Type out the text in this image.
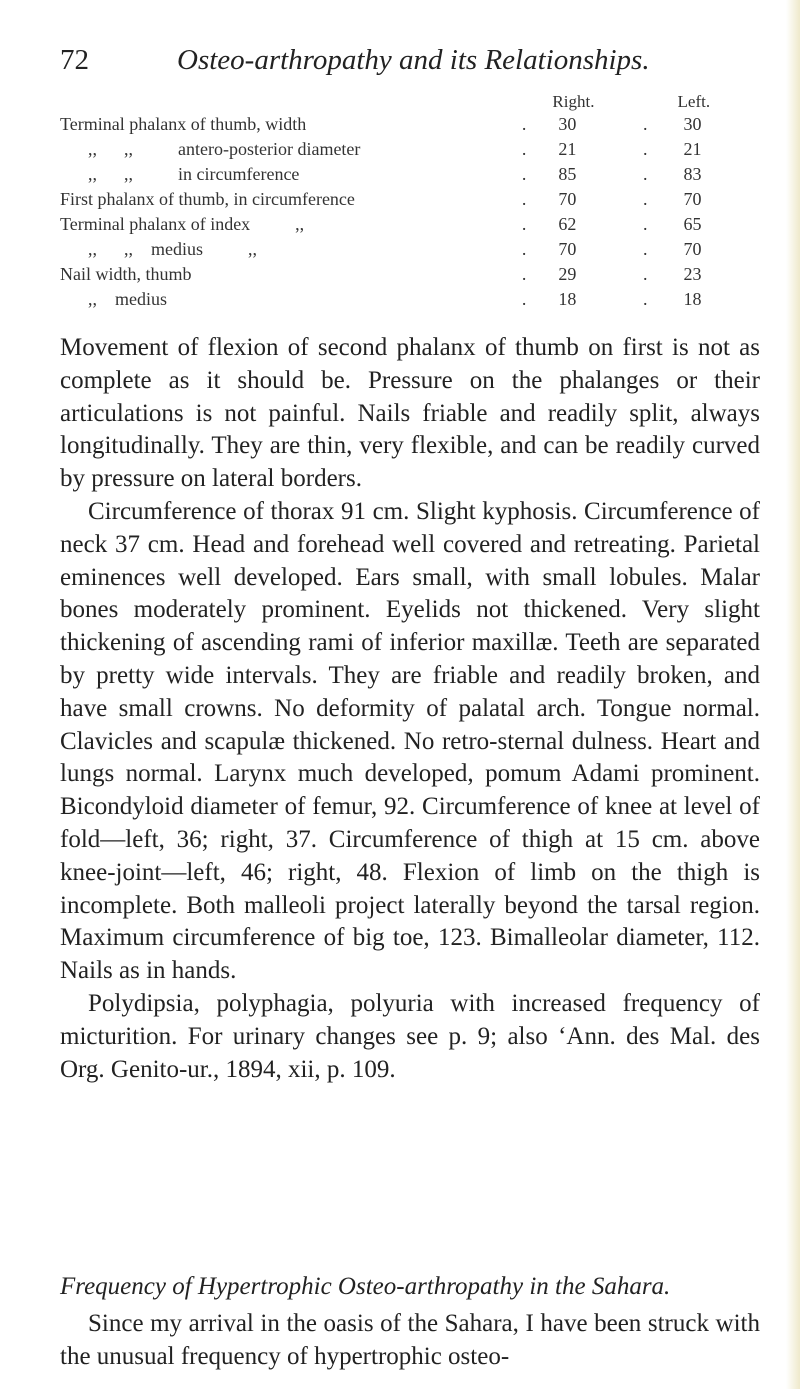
72	Osteo-arthropathy and its Relationships.
		Right.		Left.
Terminal phalanx of thumb, width	.	30	.	30
,,      ,,          antero-posterior diameter	.	21	.	21
,,      ,,          in circumference	.	85	.	83
First phalanx of thumb, in circumference	.	70	.	70
Terminal phalanx of index          ,,	.	62	.	65
,,      ,,    medius          ,,	.	70	.	70
Nail width, thumb	.	29	.	23
,,    medius	.	18	.	18

Movement of flexion of second phalanx of thumb on first is not as complete as it should be. Pressure on the phalanges or their articulations is not painful. Nails friable and readily split, always longitudinally. They are thin, very flexible, and can be readily curved by pressure on lateral borders.

Circumference of thorax 91 cm. Slight kyphosis. Circumference of neck 37 cm. Head and forehead well covered and retreating. Parietal eminences well developed. Ears small, with small lobules. Malar bones moderately prominent. Eyelids not thickened. Very slight thickening of ascending rami of inferior maxillæ. Teeth are separated by pretty wide intervals. They are friable and readily broken, and have small crowns. No deformity of palatal arch. Tongue normal. Clavicles and scapulæ thickened. No retro-sternal dulness. Heart and lungs normal. Larynx much developed, pomum Adami prominent. Bicondyloid diameter of femur, 92. Circumference of knee at level of fold—left, 36; right, 37. Circumference of thigh at 15 cm. above knee-joint—left, 46; right, 48. Flexion of limb on the thigh is incomplete. Both malleoli project laterally beyond the tarsal region. Maximum circumference of big toe, 123. Bimalleolar diameter, 112. Nails as in hands.

Polydipsia, polyphagia, polyuria with increased frequency of micturition. For urinary changes see p. 9; also ‘Ann. des Mal. des Org. Genito-ur., 1894, xii, p. 109.

Frequency of Hypertrophic Osteo-arthropathy in the Sahara.

Since my arrival in the oasis of the Sahara, I have been struck with the unusual frequency of hypertrophic osteo-
